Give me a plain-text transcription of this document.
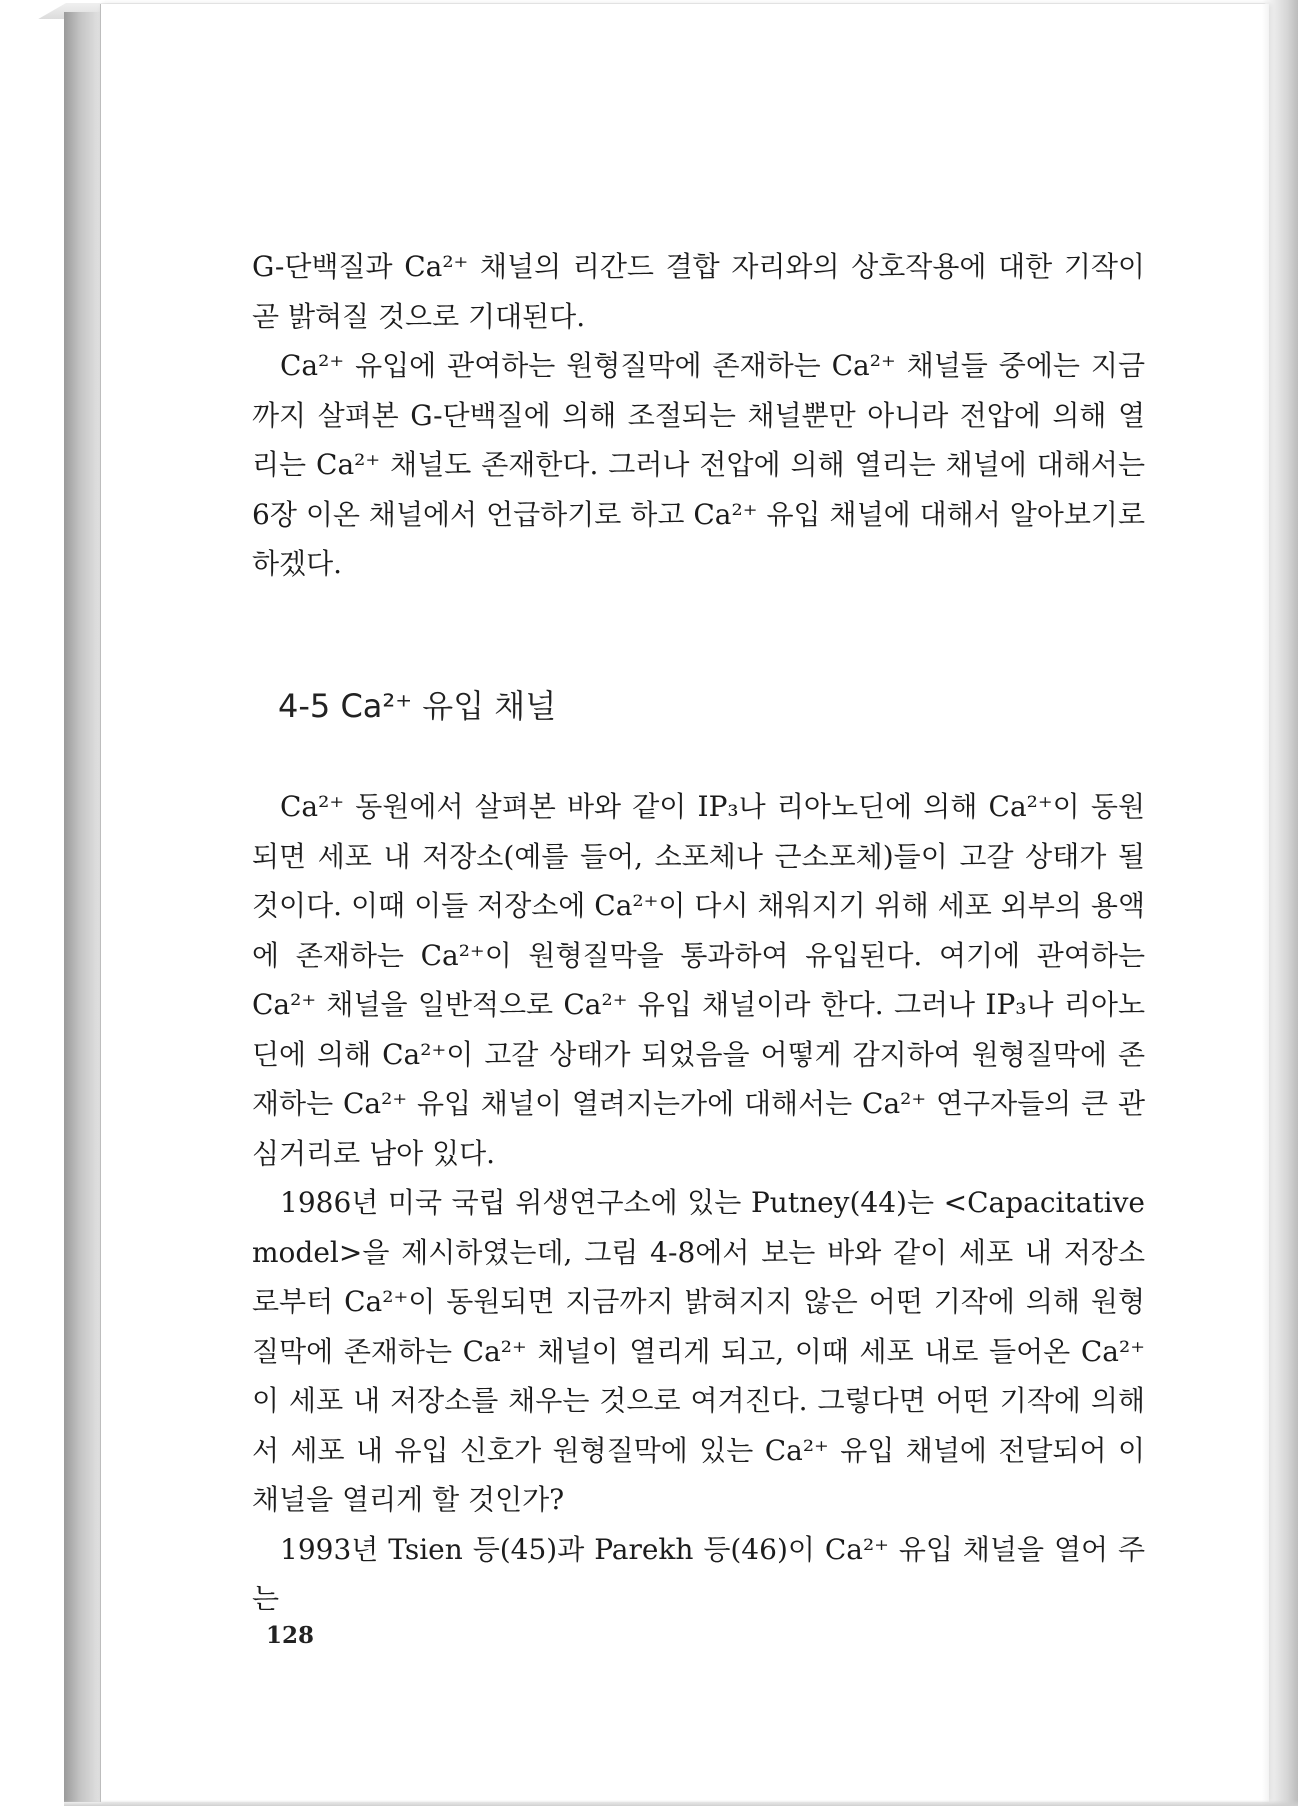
G-단백질과 Ca²⁺ 채널의 리간드 결합 자리와의 상호작용에 대한 기작이 곧 밝혀질 것으로 기대된다.

Ca²⁺ 유입에 관여하는 원형질막에 존재하는 Ca²⁺ 채널들 중에는 지금까지 살펴본 G-단백질에 의해 조절되는 채널뿐만 아니라 전압에 의해 열리는 Ca²⁺ 채널도 존재한다. 그러나 전압에 의해 열리는 채널에 대해서는 6장 이온 채널에서 언급하기로 하고 Ca²⁺ 유입 채널에 대해서 알아보기로 하겠다.

4-5 Ca²⁺ 유입 채널

Ca²⁺ 동원에서 살펴본 바와 같이 IP₃나 리아노딘에 의해 Ca²⁺이 동원되면 세포 내 저장소(예를 들어, 소포체나 근소포체)들이 고갈 상태가 될 것이다. 이때 이들 저장소에 Ca²⁺이 다시 채워지기 위해 세포 외부의 용액에 존재하는 Ca²⁺이 원형질막을 통과하여 유입된다. 여기에 관여하는 Ca²⁺ 채널을 일반적으로 Ca²⁺ 유입 채널이라 한다. 그러나 IP₃나 리아노딘에 의해 Ca²⁺이 고갈 상태가 되었음을 어떻게 감지하여 원형질막에 존재하는 Ca²⁺ 유입 채널이 열려지는가에 대해서는 Ca²⁺ 연구자들의 큰 관심거리로 남아 있다.

1986년 미국 국립 위생연구소에 있는 Putney(44)는 <Capacitative model>을 제시하였는데, 그림 4-8에서 보는 바와 같이 세포 내 저장소로부터 Ca²⁺이 동원되면 지금까지 밝혀지지 않은 어떤 기작에 의해 원형질막에 존재하는 Ca²⁺ 채널이 열리게 되고, 이때 세포 내로 들어온 Ca²⁺이 세포 내 저장소를 채우는 것으로 여겨진다. 그렇다면 어떤 기작에 의해서 세포 내 유입 신호가 원형질막에 있는 Ca²⁺ 유입 채널에 전달되어 이 채널을 열리게 할 것인가?

1993년 Tsien 등(45)과 Parekh 등(46)이 Ca²⁺ 유입 채널을 열어 주는

128
